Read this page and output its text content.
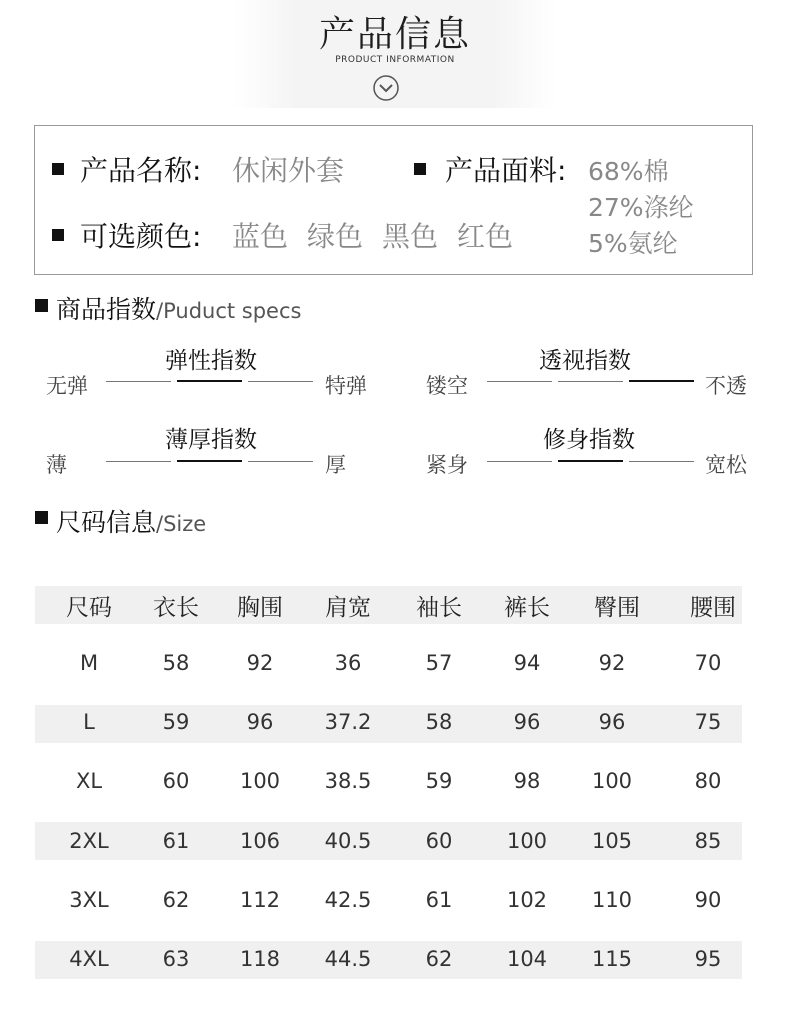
产品信息
PRODUCT INFORMATION
产品名称: 休闲外套	产品面料: 68%棉
27%涤纶
5%氨纶
可选颜色: 蓝色 绿色 黑色 红色
商品指数/Puduct specs
弹性指数
无弹	特弹
透视指数
镂空	不透
薄厚指数
薄	厚
修身指数
紧身	宽松
尺码信息/Size
尺码	衣长	胸围	肩宽	袖长	裤长	臀围	腰围
M	58	92	36	57	94	92	70
L	59	96	37.2	58	96	96	75
XL	60	100	38.5	59	98	100	80
2XL	61	106	40.5	60	100	105	85
3XL	62	112	42.5	61	102	110	90
4XL	63	118	44.5	62	104	115	95
